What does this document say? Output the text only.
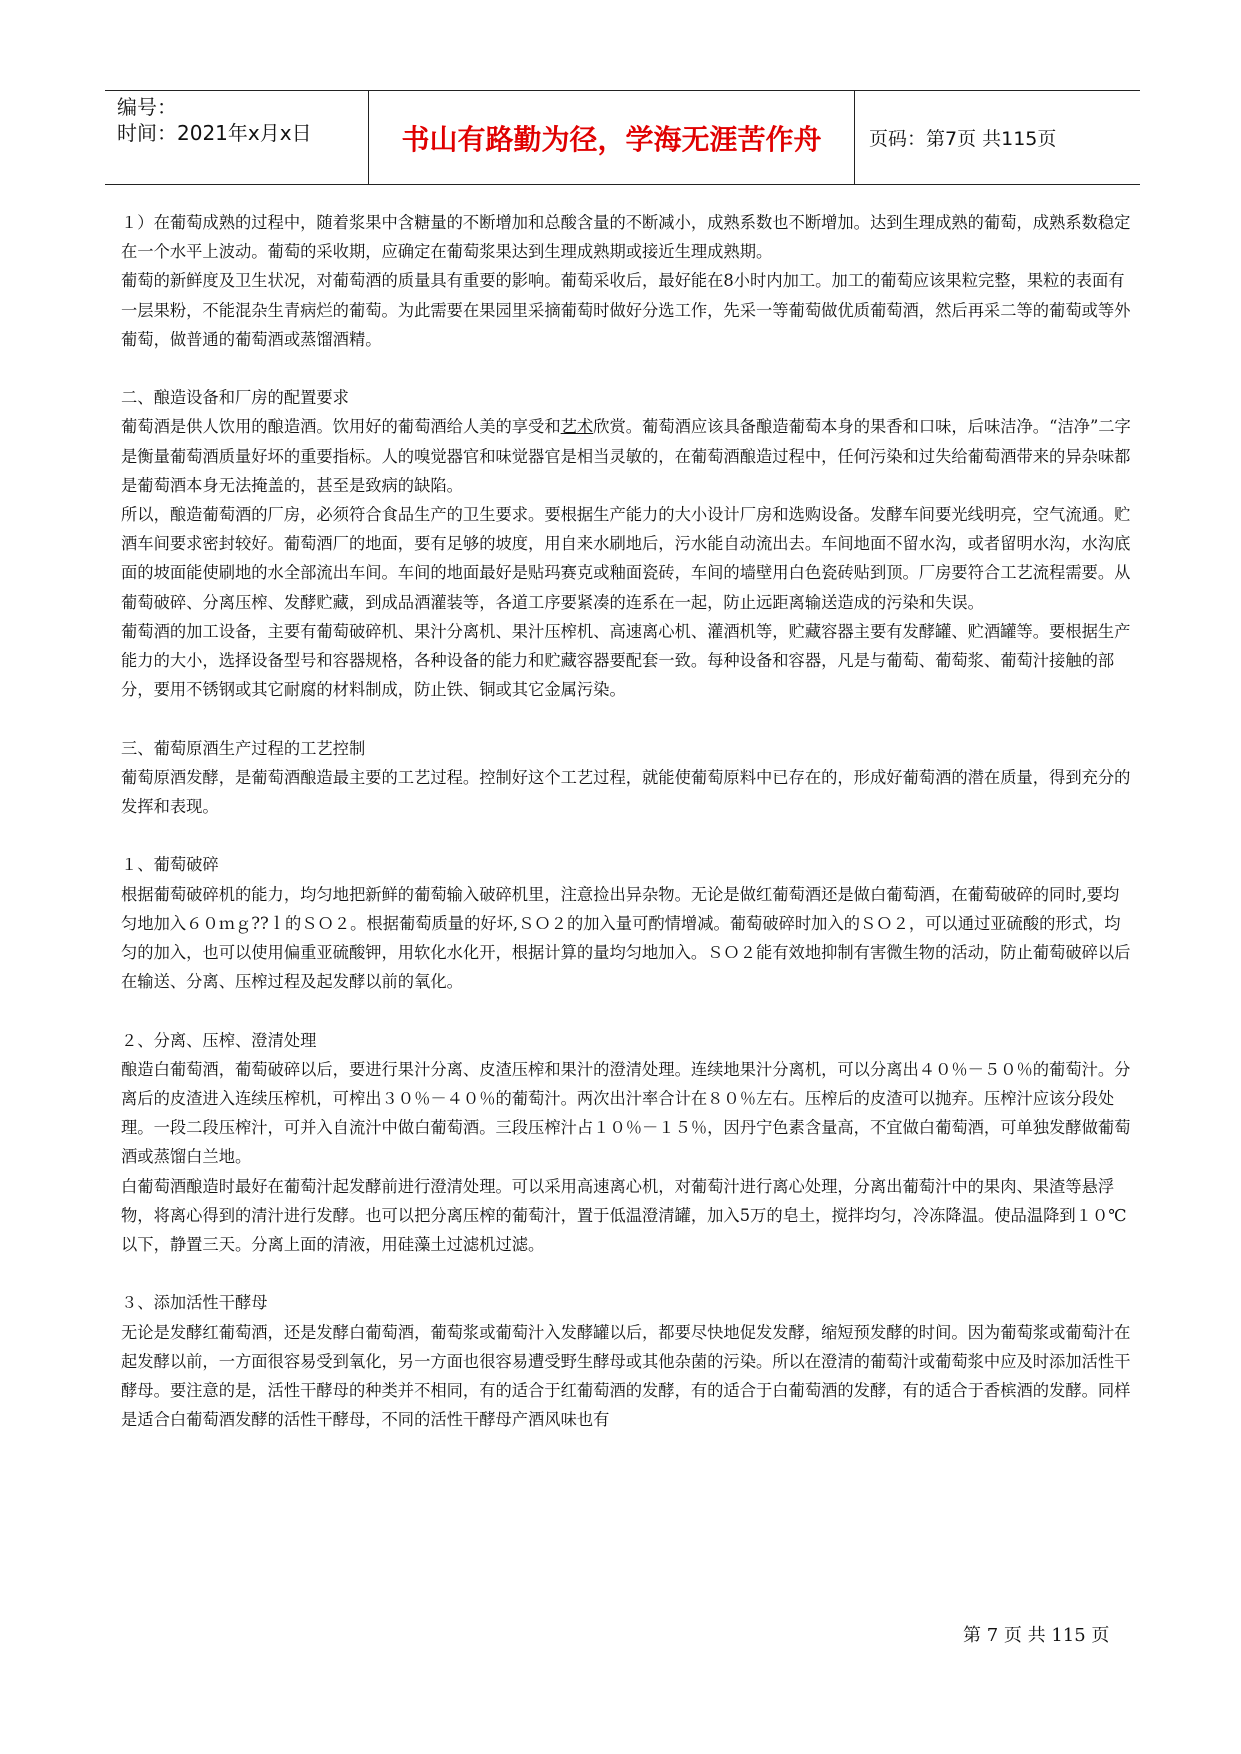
编号：
时间：2021年x月x日	书山有路勤为径，学海无涯苦作舟	页码：第7页 共115页

１）在葡萄成熟的过程中，随着浆果中含糖量的不断增加和总酸含量的不断减小，成熟系数也不断增加。达到生理成熟的葡萄，成熟系数稳定在一个水平上波动。葡萄的采收期，应确定在葡萄浆果达到生理成熟期或接近生理成熟期。

葡萄的新鲜度及卫生状况，对葡萄酒的质量具有重要的影响。葡萄采收后，最好能在8小时内加工。加工的葡萄应该果粒完整，果粒的表面有一层果粉，不能混杂生青病烂的葡萄。为此需要在果园里采摘葡萄时做好分选工作，先采一等葡萄做优质葡萄酒，然后再采二等的葡萄或等外葡萄，做普通的葡萄酒或蒸馏酒精。

二、酿造设备和厂房的配置要求

葡萄酒是供人饮用的酿造酒。饮用好的葡萄酒给人美的享受和艺术欣赏。葡萄酒应该具备酿造葡萄本身的果香和口味，后味洁净。“洁净”二字是衡量葡萄酒质量好坏的重要指标。人的嗅觉器官和味觉器官是相当灵敏的，在葡萄酒酿造过程中，任何污染和过失给葡萄酒带来的异杂味都是葡萄酒本身无法掩盖的，甚至是致病的缺陷。

所以，酿造葡萄酒的厂房，必须符合食品生产的卫生要求。要根据生产能力的大小设计厂房和选购设备。发酵车间要光线明亮，空气流通。贮酒车间要求密封较好。葡萄酒厂的地面，要有足够的坡度，用自来水刷地后，污水能自动流出去。车间地面不留水沟，或者留明水沟，水沟底面的坡面能使刷地的水全部流出车间。车间的地面最好是贴玛赛克或釉面瓷砖，车间的墙壁用白色瓷砖贴到顶。厂房要符合工艺流程需要。从葡萄破碎、分离压榨、发酵贮藏，到成品酒灌装等，各道工序要紧凑的连系在一起，防止远距离输送造成的污染和失误。

葡萄酒的加工设备，主要有葡萄破碎机、果汁分离机、果汁压榨机、高速离心机、灌酒机等，贮藏容器主要有发酵罐、贮酒罐等。要根据生产能力的大小，选择设备型号和容器规格，各种设备的能力和贮藏容器要配套一致。每种设备和容器，凡是与葡萄、葡萄浆、葡萄汁接触的部分，要用不锈钢或其它耐腐的材料制成，防止铁、铜或其它金属污染。

三、葡萄原酒生产过程的工艺控制

葡萄原酒发酵，是葡萄酒酿造最主要的工艺过程。控制好这个工艺过程，就能使葡萄原料中已存在的，形成好葡萄酒的潜在质量，得到充分的发挥和表现。

１、葡萄破碎

根据葡萄破碎机的能力，均匀地把新鲜的葡萄输入破碎机里，注意捡出异杂物。无论是做红葡萄酒还是做白葡萄酒，在葡萄破碎的同时,要均匀地加入６０ｍｇ??ｌ的ＳＯ２。根据葡萄质量的好坏,ＳＯ２的加入量可酌情增减。葡萄破碎时加入的ＳＯ２，可以通过亚硫酸的形式，均匀的加入，也可以使用偏重亚硫酸钾，用软化水化开，根据计算的量均匀地加入。ＳＯ２能有效地抑制有害微生物的活动，防止葡萄破碎以后在输送、分离、压榨过程及起发酵以前的氧化。

２、分离、压榨、澄清处理

酿造白葡萄酒，葡萄破碎以后，要进行果汁分离、皮渣压榨和果汁的澄清处理。连续地果汁分离机，可以分离出４０％－５０％的葡萄汁。分离后的皮渣进入连续压榨机，可榨出３０％－４０％的葡萄汁。两次出汁率合计在８０％左右。压榨后的皮渣可以抛弃。压榨汁应该分段处理。一段二段压榨汁，可并入自流汁中做白葡萄酒。三段压榨汁占１０％－１５％，因丹宁色素含量高，不宜做白葡萄酒，可单独发酵做葡萄酒或蒸馏白兰地。

白葡萄酒酿造时最好在葡萄汁起发酵前进行澄清处理。可以采用高速离心机，对葡萄汁进行离心处理，分离出葡萄汁中的果肉、果渣等悬浮物，将离心得到的清汁进行发酵。也可以把分离压榨的葡萄汁，置于低温澄清罐，加入5万的皂土，搅拌均匀，冷冻降温。使品温降到１０℃以下，静置三天。分离上面的清液，用硅藻土过滤机过滤。

３、添加活性干酵母

无论是发酵红葡萄酒，还是发酵白葡萄酒，葡萄浆或葡萄汁入发酵罐以后，都要尽快地促发发酵，缩短预发酵的时间。因为葡萄浆或葡萄汁在起发酵以前，一方面很容易受到氧化，另一方面也很容易遭受野生酵母或其他杂菌的污染。所以在澄清的葡萄汁或葡萄浆中应及时添加活性干酵母。要注意的是，活性干酵母的种类并不相同，有的适合于红葡萄酒的发酵，有的适合于白葡萄酒的发酵，有的适合于香槟酒的发酵。同样是适合白葡萄酒发酵的活性干酵母，不同的活性干酵母产酒风味也有

第 7 页 共 115 页
